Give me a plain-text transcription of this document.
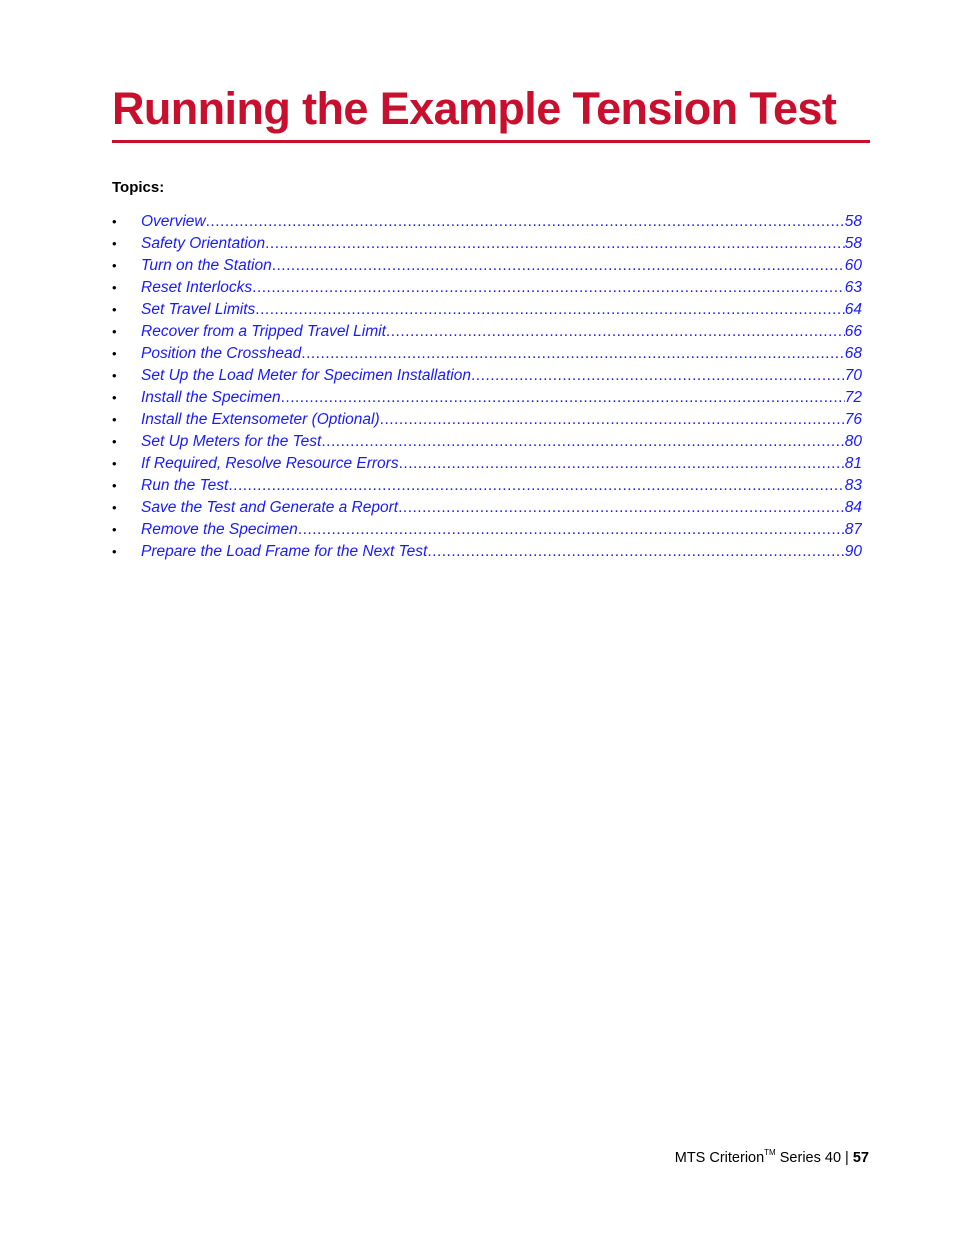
Running the Example Tension Test
Topics:
•	Overview .....	58
•	Safety Orientation .....	58
•	Turn on the Station .....	60
•	Reset Interlocks .....	63
•	Set Travel Limits .....	64
•	Recover from a Tripped Travel Limit .....	66
•	Position the Crosshead .....	68
•	Set Up the Load Meter for Specimen Installation .....	70
•	Install the Specimen .....	72
•	Install the Extensometer (Optional) .....	76
•	Set Up Meters for the Test .....	80
•	If Required, Resolve Resource Errors .....	81
•	Run the Test .....	83
•	Save the Test and Generate a Report .....	84
•	Remove the Specimen .....	87
•	Prepare the Load Frame for the Next Test .....	90
MTS Criterion™ Series 40 | 57
